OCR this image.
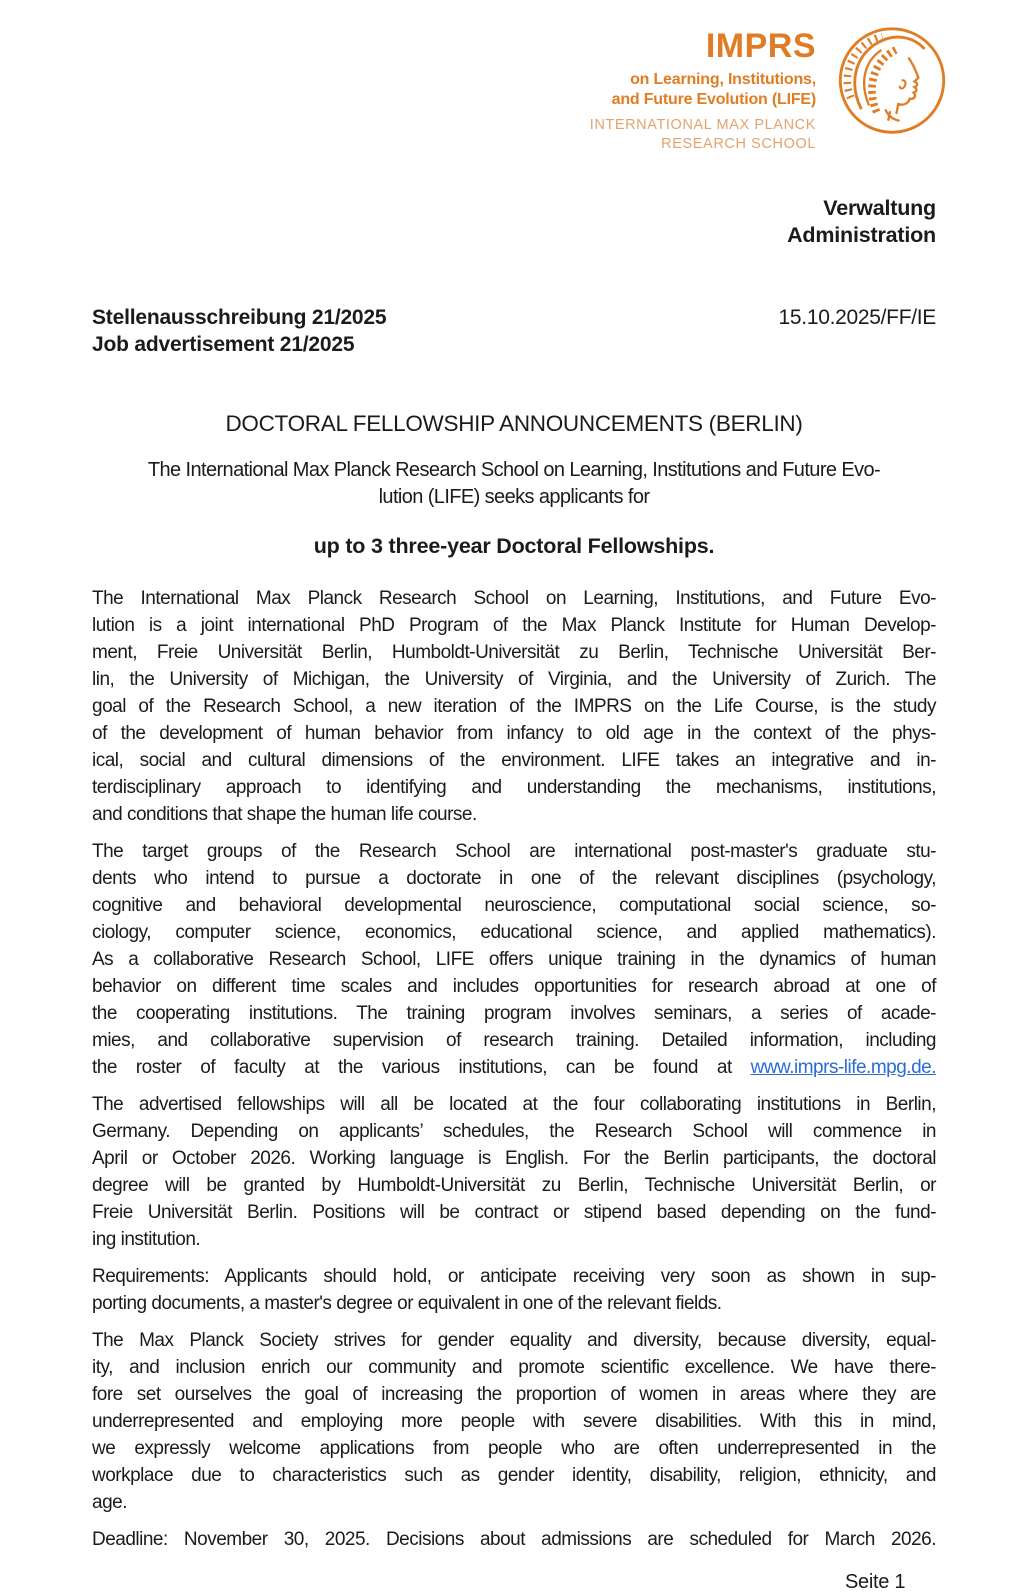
IMPRS
on Learning, Institutions,
and Future Evolution (LIFE)
INTERNATIONAL MAX PLANCK
RESEARCH SCHOOL
Verwaltung
Administration
Stellenausschreibung 21/2025
Job advertisement 21/2025
15.10.2025/FF/IE
DOCTORAL FELLOWSHIP ANNOUNCEMENTS (BERLIN)
The International Max Planck Research School on Learning, Institutions and Future Evo-
lution (LIFE) seeks applicants for
up to 3 three-year Doctoral Fellowships.
The International Max Planck Research School on Learning, Institutions, and Future Evo-
lution is a joint international PhD Program of the Max Planck Institute for Human Develop-
ment, Freie Universität Berlin, Humboldt-Universität zu Berlin, Technische Universität Ber-
lin, the University of Michigan, the University of Virginia, and the University of Zurich. The
goal of the Research School, a new iteration of the IMPRS on the Life Course, is the study
of the development of human behavior from infancy to old age in the context of the phys-
ical, social and cultural dimensions of the environment. LIFE takes an integrative and in-
terdisciplinary approach to identifying and understanding the mechanisms, institutions,
and conditions that shape the human life course.
The target groups of the Research School are international post-master's graduate stu-
dents who intend to pursue a doctorate in one of the relevant disciplines (psychology,
cognitive and behavioral developmental neuroscience, computational social science, so-
ciology, computer science, economics, educational science, and applied mathematics).
As a collaborative Research School, LIFE offers unique training in the dynamics of human
behavior on different time scales and includes opportunities for research abroad at one of
the cooperating institutions. The training program involves seminars, a series of acade-
mies, and collaborative supervision of research training. Detailed information, including
the roster of faculty at the various institutions, can be found at www.imprs-life.mpg.de.
The advertised fellowships will all be located at the four collaborating institutions in Berlin,
Germany. Depending on applicants’ schedules, the Research School will commence in
April or October 2026. Working language is English. For the Berlin participants, the doctoral
degree will be granted by Humboldt-Universität zu Berlin, Technische Universität Berlin, or
Freie Universität Berlin. Positions will be contract or stipend based depending on the fund-
ing institution.
Requirements: Applicants should hold, or anticipate receiving very soon as shown in sup-
porting documents, a master's degree or equivalent in one of the relevant fields.
The Max Planck Society strives for gender equality and diversity, because diversity, equal-
ity, and inclusion enrich our community and promote scientific excellence. We have there-
fore set ourselves the goal of increasing the proportion of women in areas where they are
underrepresented and employing more people with severe disabilities. With this in mind,
we expressly welcome applications from people who are often underrepresented in the
workplace due to characteristics such as gender identity, disability, religion, ethnicity, and
age.
Deadline: November 30, 2025. Decisions about admissions are scheduled for March 2026.
Seite 1
